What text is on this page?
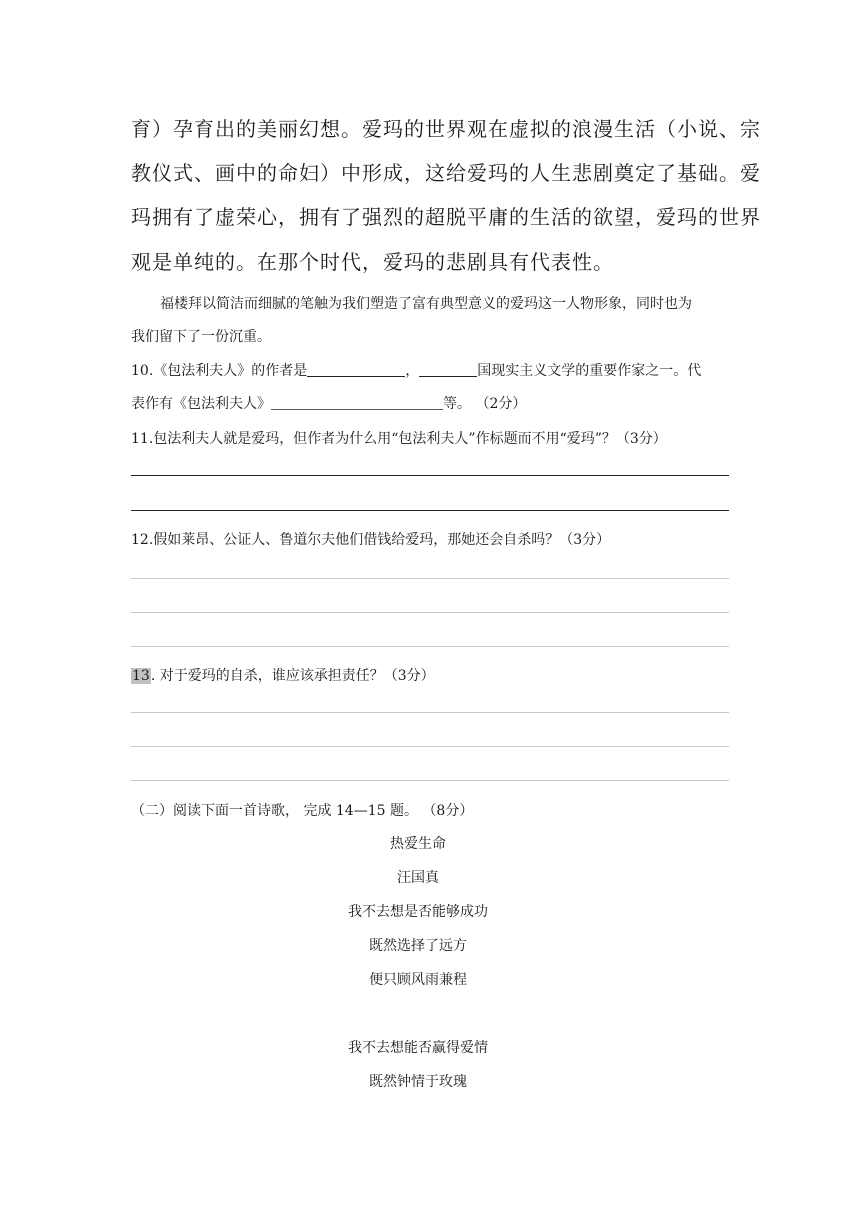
育）孕育出的美丽幻想。爱玛的世界观在虚拟的浪漫生活（小说、宗
教仪式、画中的命妇）中形成，这给爱玛的人生悲剧奠定了基础。爱
玛拥有了虚荣心，拥有了强烈的超脱平庸的生活的欲望，爱玛的世界
观是单纯的。在那个时代，爱玛的悲剧具有代表性。
福楼拜以简洁而细腻的笔触为我们塑造了富有典型意义的爱玛这一人物形象，同时也为
我们留下了一份沉重。
10.《包法利夫人》的作者是	，	国现实主义文学的重要作家之一。代
表作有《包法利夫人》	等。 （2分）
11.包法利夫人就是爱玛，但作者为什么用“包法利夫人”作标题而不用“爱玛”？（3分）
12.假如莱昂、公证人、鲁道尔夫他们借钱给爱玛，那她还会自杀吗？（3分）
13. 对于爱玛的自杀，谁应该承担责任？（3分）
（二）阅读下面一首诗歌， 完成 14—15 题。 （8分）
热爱生命
汪国真
我不去想是否能够成功
既然选择了远方
便只顾风雨兼程
我不去想能否赢得爱情
既然钟情于玫瑰
